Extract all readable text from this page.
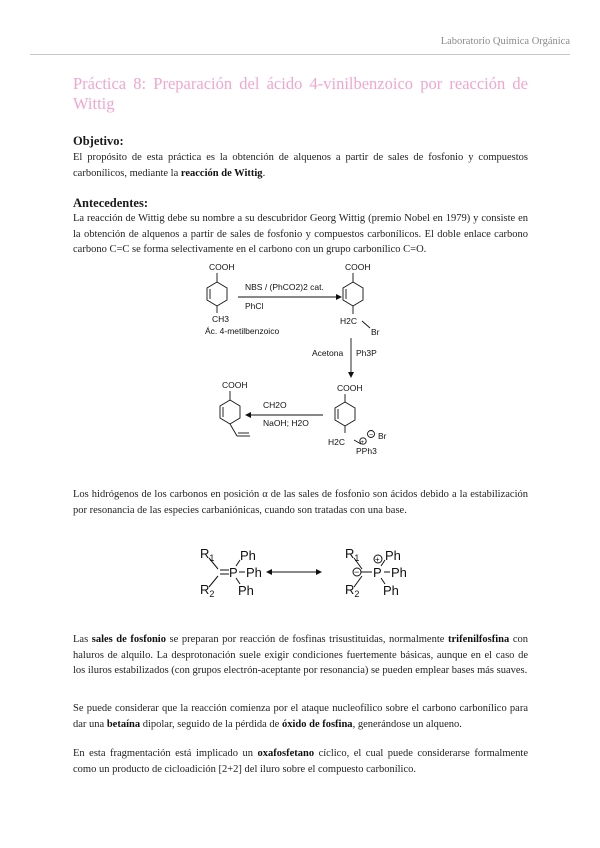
Laboratorio Química Orgánica
Práctica 8: Preparación del ácido 4-vinilbenzoico por reacción de
Wittig
Objetivo:
El propósito de esta práctica es la obtención de alquenos a partir de sales de fosfonio y compuestos carbonílicos, mediante la reacción de Wittig.
Antecedentes:
La reacción de Wittig debe su nombre a su descubridor Georg Wittig (premio Nobel en 1979) y consiste en la obtención de alquenos a partir de sales de fosfonio y compuestos carbonílicos. El doble enlace carbono carbono C=C se forma selectivamente en el carbono con un grupo carbonílico C=O.
COOH
CH3
Ác. 4-metilbenzoico
NBS / (PhCO2)2 cat.
PhCl
COOH
H2C
Br
Acetona Ph3P
COOH
H2C
PPh3
+
− Br
CH2O
NaOH; H2O
COOH
Los hidrógenos de los carbonos en posición α de las sales de fosfonio son ácidos debido a la estabilización por resonancia de las especies carbaniónicas, cuando son tratadas con una base.
$R_1$
$R_2$
P
Ph
Ph
Ph
$R_1$
$R_2$
−
+
P
Ph
Ph
Ph
Las sales de fosfonio se preparan por reacción de fosfinas trisustituidas, normalmente trifenilfosfina con haluros de alquilo. La desprotonación suele exigir condiciones fuertemente básicas, aunque en el caso de los iluros estabilizados (con grupos electrón-aceptante por resonancia) se pueden emplear bases más suaves.
Se puede considerar que la reacción comienza por el ataque nucleofílico sobre el carbono carbonílico para dar una betaína dipolar, seguido de la pérdida de óxido de fosfina, generándose un alqueno.
En esta fragmentación está implicado un oxafosfetano cíclico, el cual puede considerarse formalmente como un producto de cicloadición [2+2] del iluro sobre el compuesto carbonílico.
